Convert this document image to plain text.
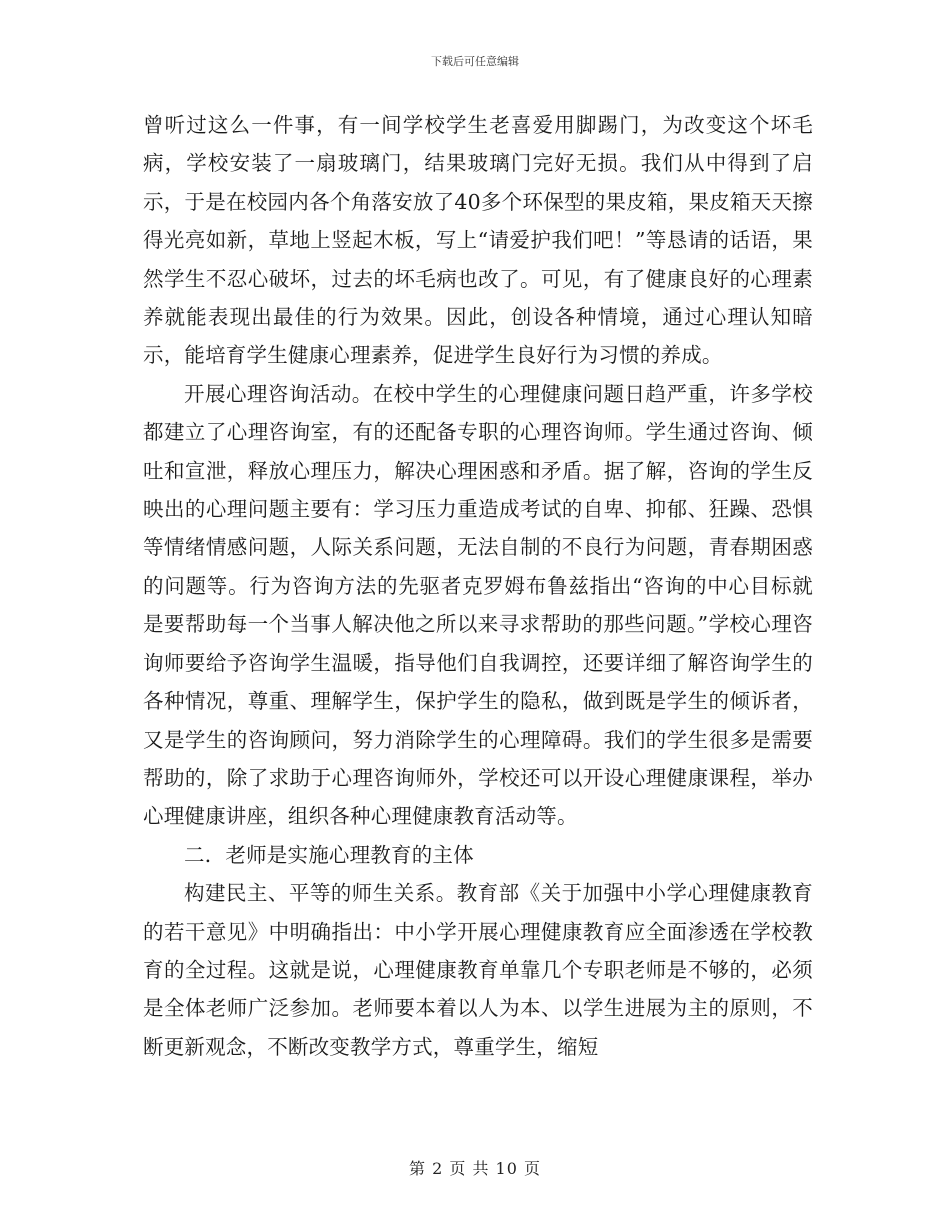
下载后可任意编辑

曾听过这么一件事，有一间学校学生老喜爱用脚踢门，为改变这个坏毛病，学校安装了一扇玻璃门，结果玻璃门完好无损。我们从中得到了启示，于是在校园内各个角落安放了40多个环保型的果皮箱，果皮箱天天擦得光亮如新，草地上竖起木板，写上“请爱护我们吧！”等恳请的话语，果然学生不忍心破坏，过去的坏毛病也改了。可见，有了健康良好的心理素养就能表现出最佳的行为效果。因此，创设各种情境，通过心理认知暗示，能培育学生健康心理素养，促进学生良好行为习惯的养成。

开展心理咨询活动。在校中学生的心理健康问题日趋严重，许多学校都建立了心理咨询室，有的还配备专职的心理咨询师。学生通过咨询、倾吐和宣泄，释放心理压力，解决心理困惑和矛盾。据了解，咨询的学生反映出的心理问题主要有：学习压力重造成考试的自卑、抑郁、狂躁、恐惧等情绪情感问题，人际关系问题，无法自制的不良行为问题，青春期困惑的问题等。行为咨询方法的先驱者克罗姆布鲁兹指出“咨询的中心目标就是要帮助每一个当事人解决他之所以来寻求帮助的那些问题。”学校心理咨询师要给予咨询学生温暖，指导他们自我调控，还要详细了解咨询学生的各种情况，尊重、理解学生，保护学生的隐私，做到既是学生的倾诉者，又是学生的咨询顾问，努力消除学生的心理障碍。我们的学生很多是需要帮助的，除了求助于心理咨询师外，学校还可以开设心理健康课程，举办心理健康讲座，组织各种心理健康教育活动等。

二．老师是实施心理教育的主体

构建民主、平等的师生关系。教育部《关于加强中小学心理健康教育的若干意见》中明确指出：中小学开展心理健康教育应全面渗透在学校教育的全过程。这就是说，心理健康教育单靠几个专职老师是不够的，必须是全体老师广泛参加。老师要本着以人为本、以学生进展为主的原则，不断更新观念，不断改变教学方式，尊重学生，缩短

第 2 页 共 10 页
